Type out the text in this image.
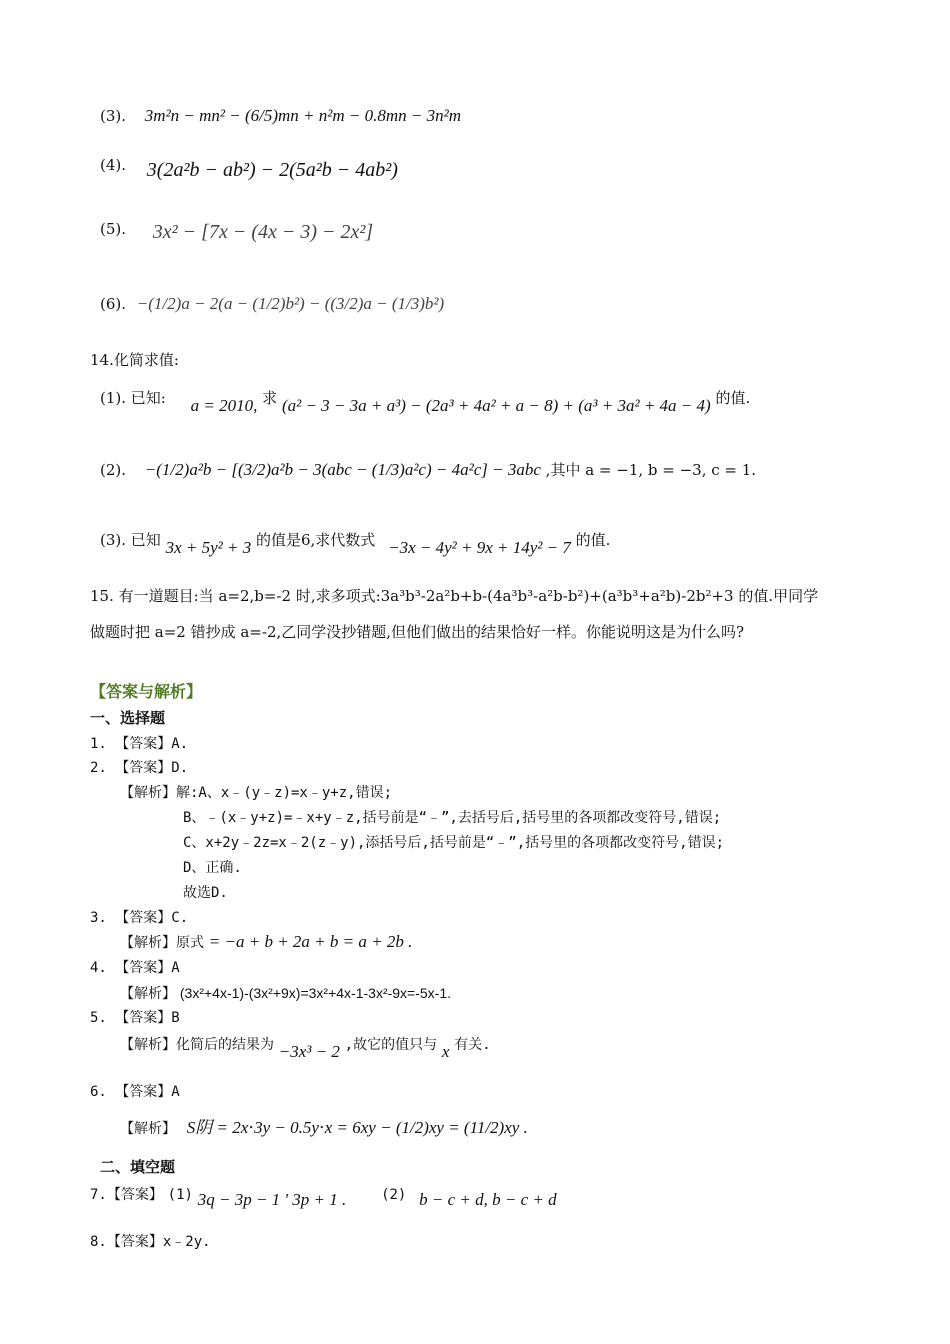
(3). 3m²n − mn² − (6/5)mn + n²m − 0.8mn − 3n²m
(4). 3(2a²b − ab²) − 2(5a²b − 4ab²)
(5). 3x² − [7x − (4x − 3) − 2x²]
(6). −(1/2)a − 2(a − (1/2)b²) − ((3/2)a − (1/3)b²)
14.化简求值:
(1). 已知: a = 2010, 求 (a² − 3 − 3a + a³) − (2a³ + 4a² + a − 8) + (a³ + 3a² + 4a − 4) 的值.
(2). −(1/2)a²b − [(3/2)a²b − 3(abc − (1/3)a²c) − 4a²c] − 3abc ,其中 a = −1, b = −3, c = 1.
(3). 已知 3x + 5y² + 3 的值是6,求代数式 −3x − 4y² + 9x + 14y² − 7 的值.
15. 有一道题目:当 a=2,b=-2 时,求多项式:3a³b³-2a²b+b-(4a³b³-a²b-b²)+(a³b³+a²b)-2b²+3 的值.甲同学
做题时把 a=2 错抄成 a=-2,乙同学没抄错题,但他们做出的结果恰好一样。你能说明这是为什么吗?
【答案与解析】
一、选择题
1. 【答案】A.
2. 【答案】D.
【解析】解:A、x﹣(y﹣z)=x﹣y+z,错误;
B、﹣(x﹣y+z)=﹣x+y﹣z,括号前是“﹣”,去括号后,括号里的各项都改变符号,错误;
C、x+2y﹣2z=x﹣2(z﹣y),添括号后,括号前是“﹣”,括号里的各项都改变符号,错误;
D、正确.
故选D.
3. 【答案】C.
【解析】原式 = −a + b + 2a + b = a + 2b .
4. 【答案】A
【解析】 (3x²+4x-1)-(3x²+9x)=3x²+4x-1-3x²-9x=-5x-1.
5. 【答案】B
【解析】化简后的结果为 −3x³ − 2 ,故它的值只与 x 有关.
6. 【答案】A
【解析】 S阴 = 2x⋅3y − 0.5y⋅x = 6xy − (1/2)xy = (11/2)xy .
二、填空题
7.【答案】 (1) 3q − 3p − 1 ' 3p + 1 . (2) b − c + d, b − c + d
8.【答案】x﹣2y.
